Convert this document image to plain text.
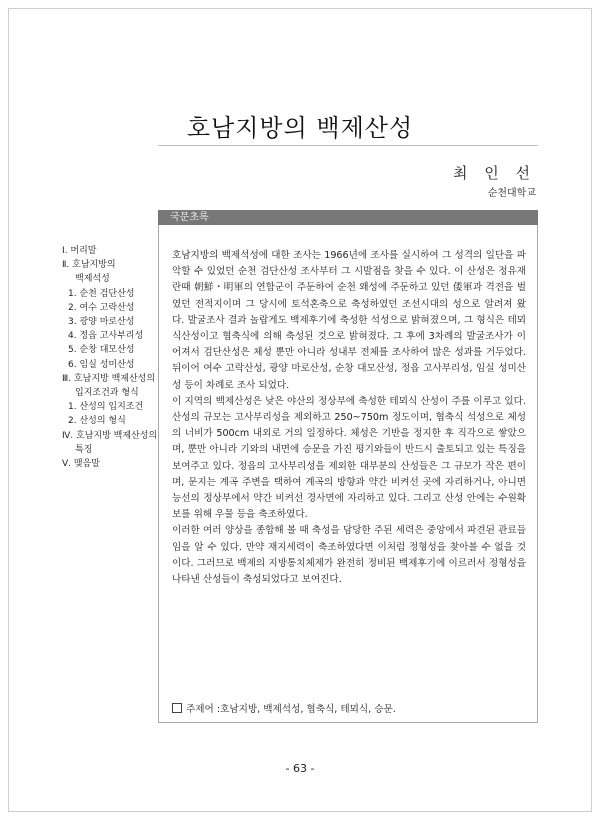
호남지방의 백제산성
최 인 선
순천대학교
Ⅰ. 머리말
Ⅱ. 호남지방의
백제석성
1. 순천 검단산성
2. 여수 고락산성
3. 광양 마로산성
4. 정읍 고사부리성
5. 순창 대모산성
6. 임실 성미산성
Ⅲ. 호남지방 백제산성의
입지조건과 형식
1. 산성의 입지조건
2. 산성의 형식
Ⅳ. 호남지방 백제산성의
특징
Ⅴ. 맺음말
국문초록

호남지방의 백제석성에 대한 조사는 1966년에 조사를 실시하여 그 성격의 일단을 파악할 수 있었던 순천 검단산성 조사부터 그 시발점을 찾을 수 있다. 이 산성은 정유재란때 朝鮮・明軍의 연합군이 주둔하여 순천 왜성에 주둔하고 있던 倭軍과 격전을 벌였던 전적지이며 그 당시에 토석혼축으로 축성하였던 조선시대의 성으로 알려져 왔다. 발굴조사 결과 놀랍게도 백제후기에 축성한 석성으로 밝혀졌으며, 그 형식은 테뫼식산성이고 협축식에 의해 축성된 것으로 밝혀졌다. 그 후에 3차례의 발굴조사가 이어져서 검단산성은 체성 뿐만 아니라 성내부 전체를 조사하여 많은 성과를 거두었다. 뒤이어 여수 고락산성, 광양 마로산성, 순창 대모산성, 정읍 고사부리성, 임실 성미산성 등이 차례로 조사 되었다.

이 지역의 백제산성은 낮은 야산의 정상부에 축성한 테뫼식 산성이 주를 이루고 있다. 산성의 규모는 고사부리성을 제외하고 250~750m 정도이며, 협축식 석성으로 체성의 너비가 500cm 내외로 거의 일정하다. 체성은 기반을 정지한 후 직각으로 쌓았으며, 뿐만 아니라 기와의 내면에 승문을 가진 평기와들이 반드시 출토되고 있는 특징을 보여주고 있다. 정읍의 고사부리성을 제외한 대부분의 산성들은 그 규모가 작은 편이며, 문지는 계곡 주변을 택하여 계곡의 방향과 약간 비켜선 곳에 자리하거나, 아니면 능선의 정상부에서 약간 비켜선 경사면에 자리하고 있다. 그리고 산성 안에는 수원확보를 위해 우물 등을 축조하였다.

이러한 여러 양상을 종합해 볼 때 축성을 담당한 주된 세력은 중앙에서 파견된 관료들임을 알 수 있다. 만약 재지세력이 축조하였다면 이처럼 정형성을 찾아볼 수 없을 것이다. 그러므로 백제의 지방통치체제가 완전히 정비된 백제후기에 이르러서 정형성을 나타낸 산성들이 축성되었다고 보여진다.

주제어 :호남지방, 백제석성, 협축식, 테뫼식, 승문.
- 63 -
